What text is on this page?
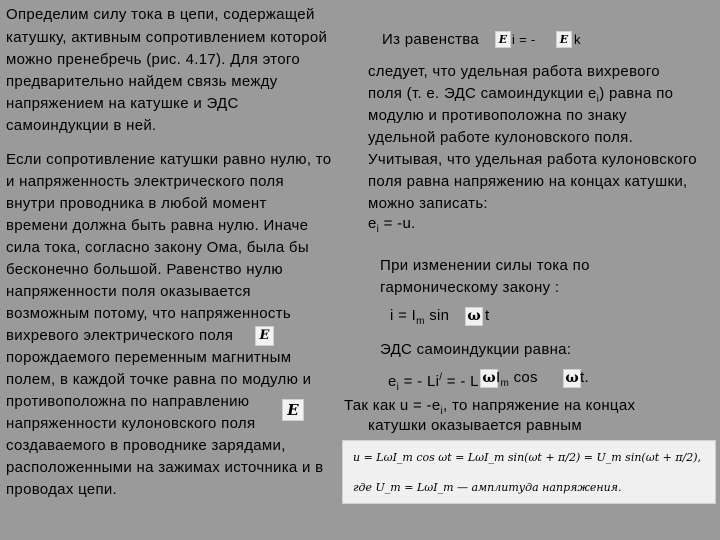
Определим силу тока в цепи, содержащей
катушку, активным сопротивлением которой
можно пренебречь (рис. 4.17). Для этого
предварительно найдем связь между
напряжением на катушке и ЭДС
самоиндукции в ней.
Если сопротивление катушки равно нулю, то
и напряженность электрического поля
внутри проводника в любой момент
времени должна быть равна нулю. Иначе
сила тока, согласно закону Ома, была бы
бесконечно большой. Равенство нулю
напряженности поля оказывается
возможным потому, что напряженность
вихревого электрического поля	E
порождаемого переменным магнитным
полем, в каждой точке равна по модулю и
противоположна по направлению
напряженности кулоновского поля
E
создаваемого в проводнике зарядами,
расположенными на зажимах источника и в
проводах цепи.
Из равенства	E i = -	E k
следует, что удельная работа вихревого
поля (т. е. ЭДС самоиндукции $e_i$) равна по
модулю и противоположна по знаку
удельной работе кулоновского поля.
Учитывая, что удельная работа кулоновского
поля равна напряжению на концах катушки,
можно записать:
$e_i = -u$.
При изменении силы тока по
гармоническому закону :
$i = I_m$ sin ω t
ЭДС самоиндукции равна:
$e_i$ = - Li/ = - L ω $I_m$ cos ω t.
Так как $u = -e_i$, то напряжение на концах
катушки оказывается равным
u = LωI_m cos ωt = LωI_m sin(ωt + π/2) = U_m sin(ωt + π/2),
где U_m = LωI_m — амплитуда напряжения.
